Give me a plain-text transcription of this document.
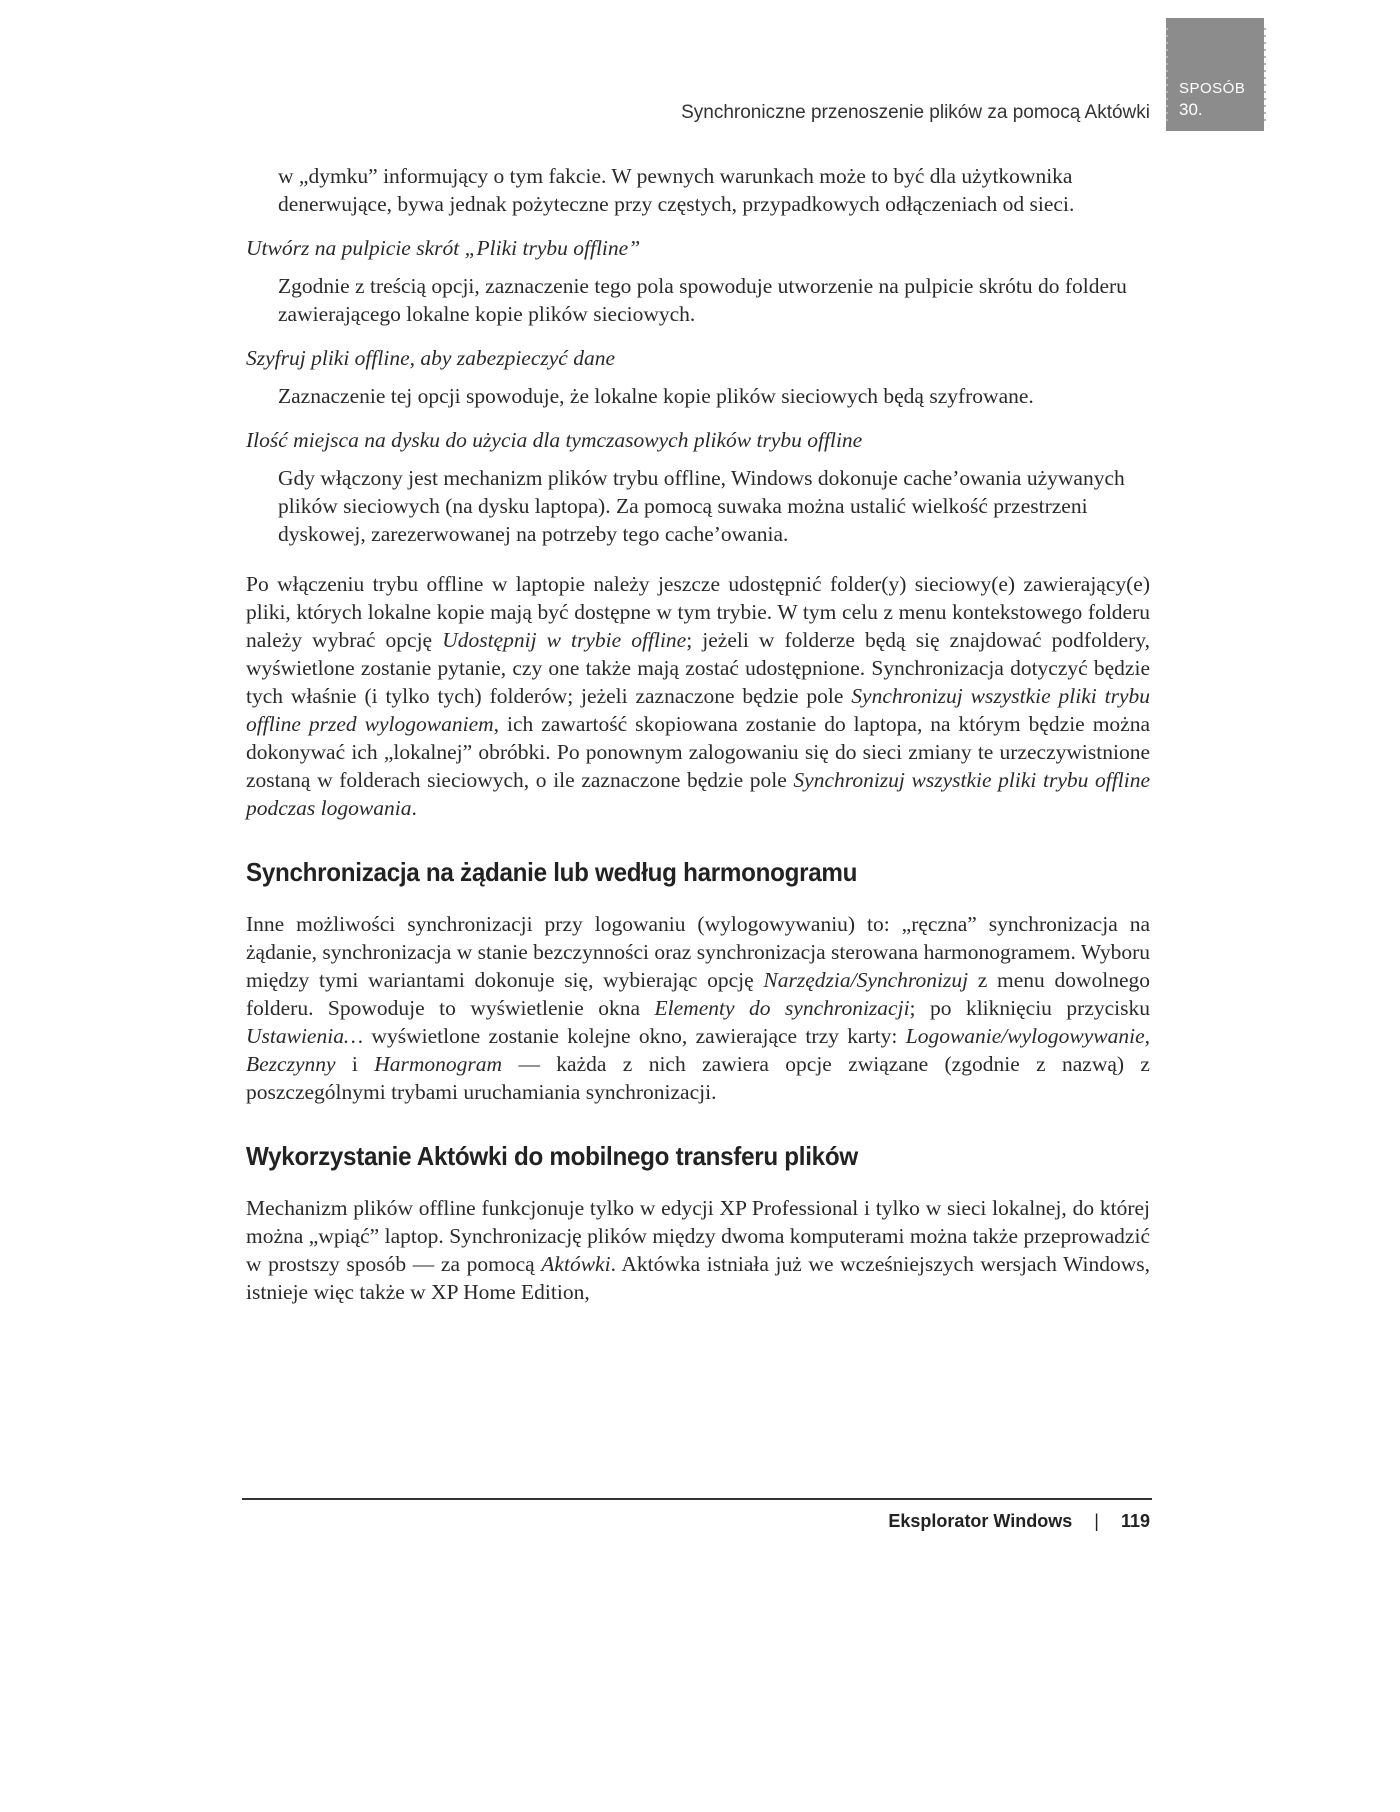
Synchroniczne przenoszenie plików za pomocą Aktówki
SPOSÓB
30.

w „dymku” informujący o tym fakcie. W pewnych warunkach może to być dla użytkownika denerwujące, bywa jednak pożyteczne przy częstych, przypadkowych odłączeniach od sieci.

Utwórz na pulpicie skrót „Pliki trybu offline”

Zgodnie z treścią opcji, zaznaczenie tego pola spowoduje utworzenie na pulpicie skrótu do folderu zawierającego lokalne kopie plików sieciowych.

Szyfruj pliki offline, aby zabezpieczyć dane

Zaznaczenie tej opcji spowoduje, że lokalne kopie plików sieciowych będą szyfrowane.

Ilość miejsca na dysku do użycia dla tymczasowych plików trybu offline

Gdy włączony jest mechanizm plików trybu offline, Windows dokonuje cache’owania używanych plików sieciowych (na dysku laptopa). Za pomocą suwaka można ustalić wielkość przestrzeni dyskowej, zarezerwowanej na potrzeby tego cache’owania.

Po włączeniu trybu offline w laptopie należy jeszcze udostępnić folder(y) sieciowy(e) zawierający(e) pliki, których lokalne kopie mają być dostępne w tym trybie. W tym celu z menu kontekstowego folderu należy wybrać opcję Udostępnij w trybie offline; jeżeli w folderze będą się znajdować podfoldery, wyświetlone zostanie pytanie, czy one także mają zostać udostępnione. Synchronizacja dotyczyć będzie tych właśnie (i tylko tych) folderów; jeżeli zaznaczone będzie pole Synchronizuj wszystkie pliki trybu offline przed wylogowaniem, ich zawartość skopiowana zostanie do laptopa, na którym będzie można dokonywać ich „lokalnej” obróbki. Po ponownym zalogowaniu się do sieci zmiany te urzeczywistnione zostaną w folderach sieciowych, o ile zaznaczone będzie pole Synchronizuj wszystkie pliki trybu offline podczas logowania.

Synchronizacja na żądanie lub według harmonogramu

Inne możliwości synchronizacji przy logowaniu (wylogowywaniu) to: „ręczna” synchronizacja na żądanie, synchronizacja w stanie bezczynności oraz synchronizacja sterowana harmonogramem. Wyboru między tymi wariantami dokonuje się, wybierając opcję Narzędzia/Synchronizuj z menu dowolnego folderu. Spowoduje to wyświetlenie okna Elementy do synchronizacji; po kliknięciu przycisku Ustawienia… wyświetlone zostanie kolejne okno, zawierające trzy karty: Logowanie/wylogowywanie, Bezczynny i Harmonogram — każda z nich zawiera opcje związane (zgodnie z nazwą) z poszczególnymi trybami uruchamiania synchronizacji.

Wykorzystanie Aktówki do mobilnego transferu plików

Mechanizm plików offline funkcjonuje tylko w edycji XP Professional i tylko w sieci lokalnej, do której można „wpiąć” laptop. Synchronizację plików między dwoma komputerami można także przeprowadzić w prostszy sposób — za pomocą Aktówki. Aktówka istniała już we wcześniejszych wersjach Windows, istnieje więc także w XP Home Edition,

Eksplorator Windows | 119
